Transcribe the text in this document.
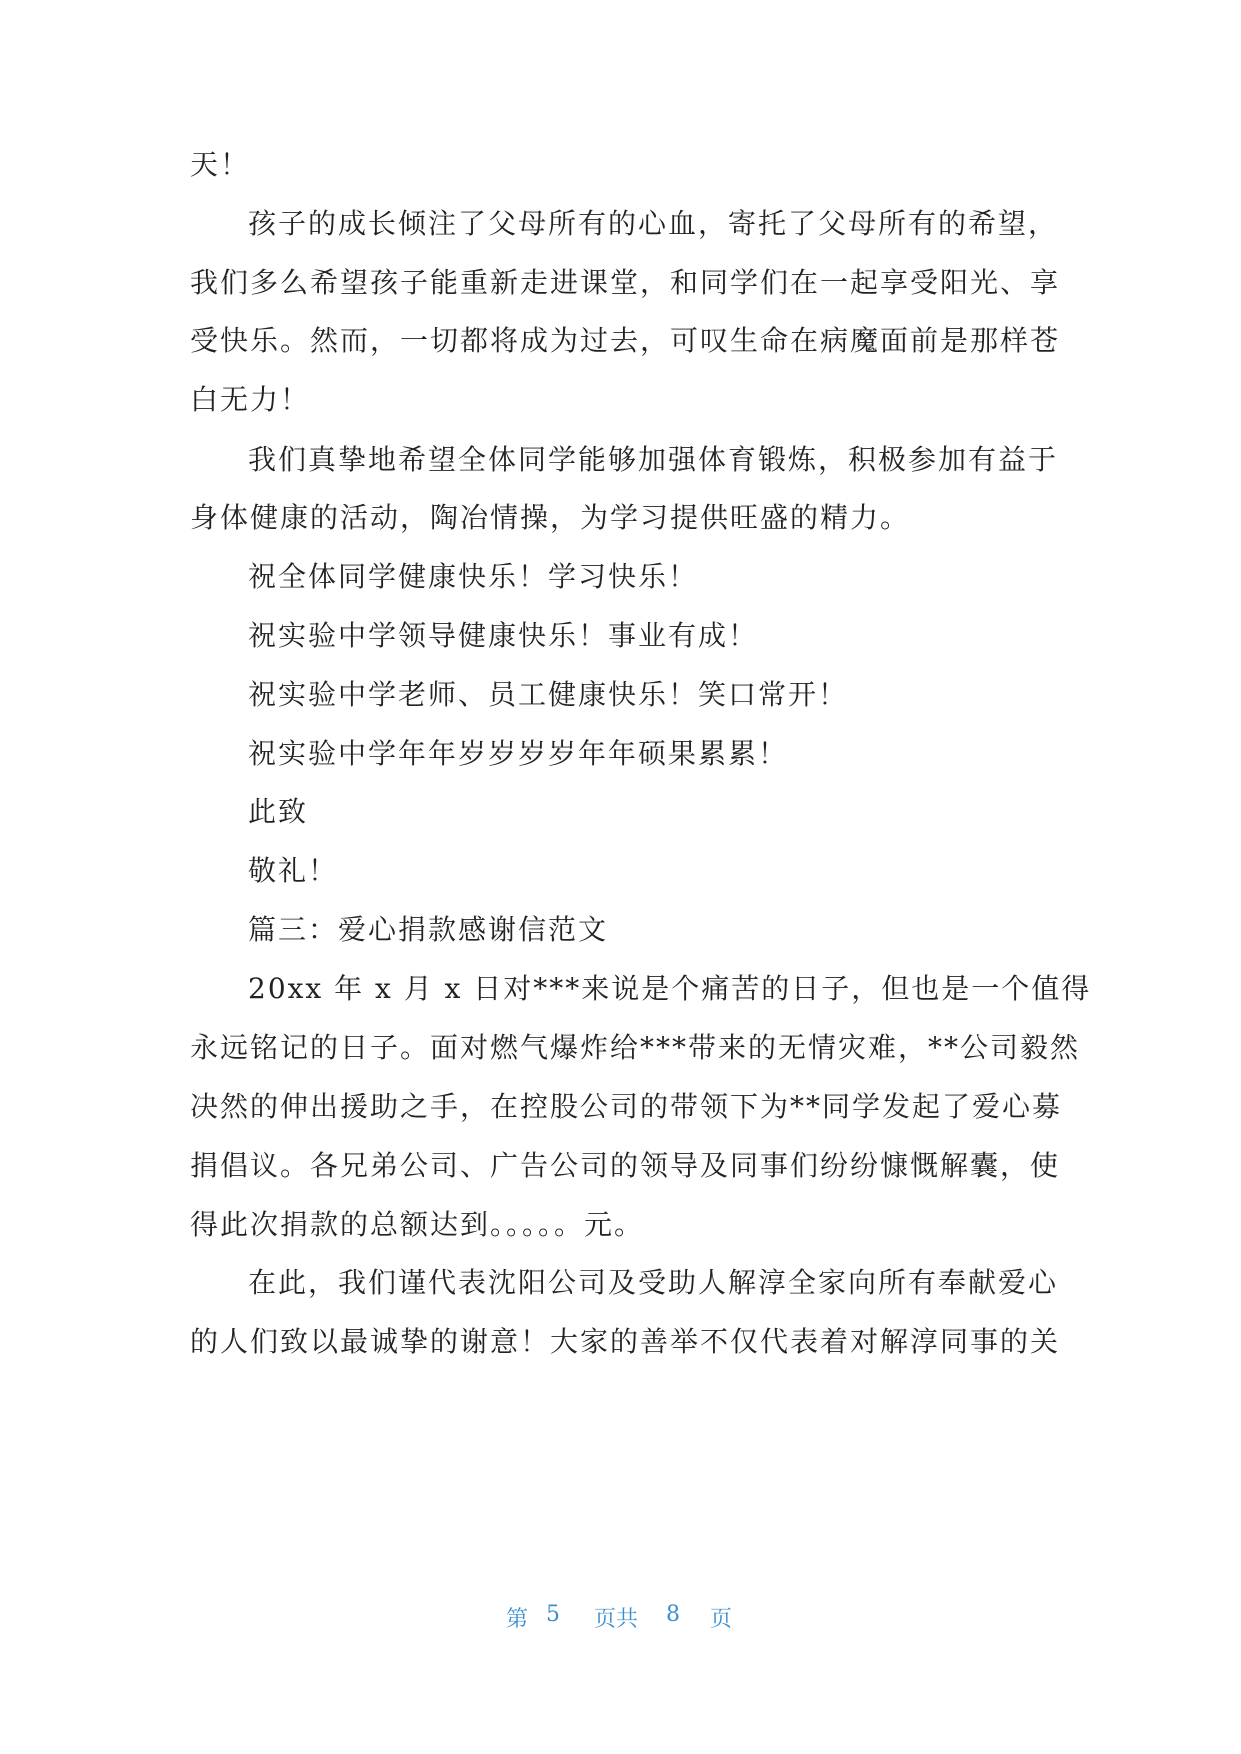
天！
孩子的成长倾注了父母所有的心血，寄托了父母所有的希望，
我们多么希望孩子能重新走进课堂，和同学们在一起享受阳光、享
受快乐。然而，一切都将成为过去，可叹生命在病魔面前是那样苍
白无力！
我们真挚地希望全体同学能够加强体育锻炼，积极参加有益于
身体健康的活动，陶冶情操，为学习提供旺盛的精力。
祝全体同学健康快乐！学习快乐！
祝实验中学领导健康快乐！事业有成！
祝实验中学老师、员工健康快乐！笑口常开！
祝实验中学年年岁岁岁岁年年硕果累累！
此致
敬礼！
篇三：爱心捐款感谢信范文
20xx 年 x 月 x 日对***来说是个痛苦的日子，但也是一个值得
永远铭记的日子。面对燃气爆炸给***带来的无情灾难，**公司毅然
决然的伸出援助之手，在控股公司的带领下为**同学发起了爱心募
捐倡议。各兄弟公司、广告公司的领导及同事们纷纷慷慨解囊，使
得此次捐款的总额达到。。。。。元。
在此，我们谨代表沈阳公司及受助人解淳全家向所有奉献爱心
的人们致以最诚挚的谢意！大家的善举不仅代表着对解淳同事的关
第 5 页共 8 页
